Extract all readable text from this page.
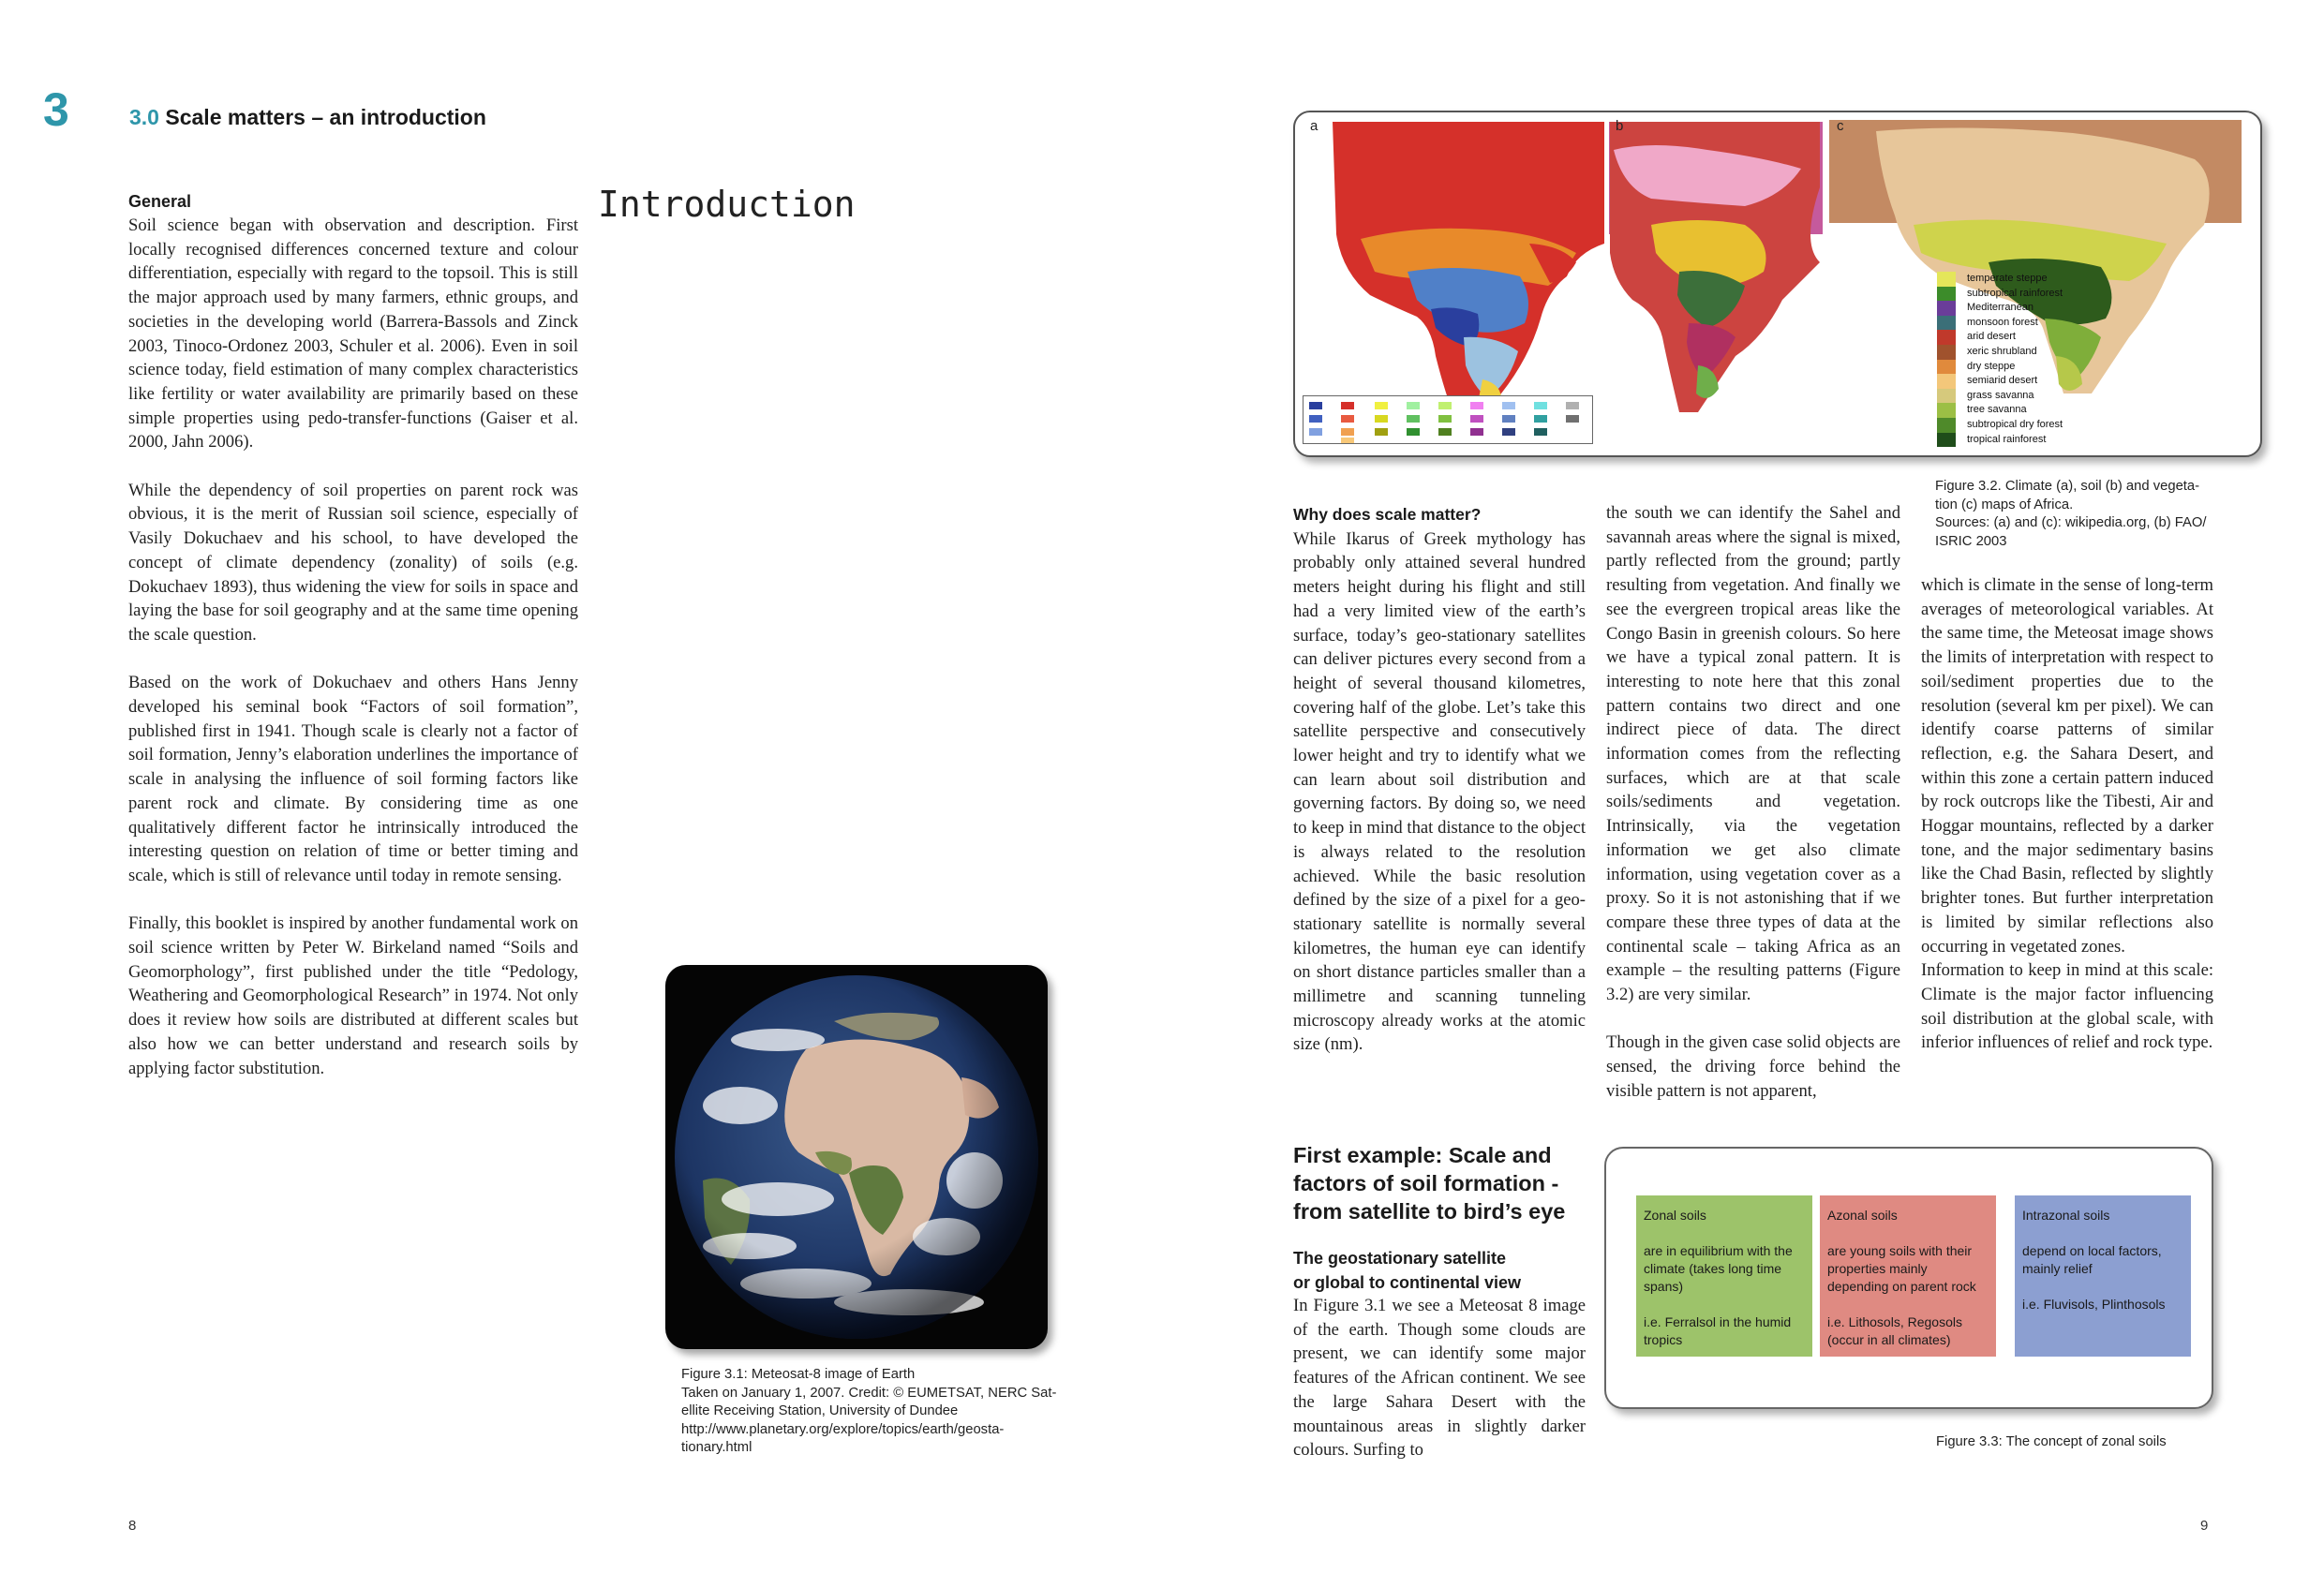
3	3.0 Scale matters – an introduction
Introduction
General

Soil science began with observation and description. First locally recognised differences concerned texture and colour differentiation, especially with regard to the topsoil. This is still the major approach used by many farmers, ethnic groups, and societies in the developing world (Barrera-Bassols and Zinck 2003, Tinoco-Ordonez 2003, Schuler et al. 2006). Even in soil science today, field estimation of many complex characteristics like fertility or water availability are primarily based on these simple properties using pedo-transfer-functions (Gaiser et al. 2000, Jahn 2006).

While the dependency of soil properties on parent rock was obvious, it is the merit of Russian soil science, especially of Vasily Dokuchaev and his school, to have developed the concept of climate dependency (zonality) of soils (e.g. Dokuchaev 1893), thus widening the view for soils in space and laying the base for soil geography and at the same time opening the scale question.

Based on the work of Dokuchaev and others Hans Jenny developed his seminal book “Factors of soil formation”, published first in 1941. Though scale is clearly not a factor of soil formation, Jenny’s elaboration underlines the importance of scale in analysing the influence of soil forming factors like parent rock and climate. By considering time as one qualitatively different factor he intrinsically introduced the interesting question on relation of time or better timing and scale, which is still of relevance until today in remote sensing.

Finally, this booklet is inspired by another fundamental work on soil science written by Peter W. Birkeland named “Soils and Geomorphology”, first published under the title “Pedology, Weathering and Geomorphological Research” in 1974. Not only does it review how soils are distributed at different scales but also how we can better understand and research soils by applying factor substitution.

Figure 3.1: Meteosat-8 image of Earth
Taken on January 1, 2007. Credit: © EUMETSAT, NERC Sat-
ellite Receiving Station, University of Dundee
http://www.planetary.org/explore/topics/earth/geosta-
tionary.html
a	b	c
temperate steppe
subtropical rainforest
Mediterranean
monsoon forest
arid desert
xeric shrubland
dry steppe
semiarid desert
grass savanna
tree savanna
subtropical dry forest
tropical rainforest
Figure 3.2. Climate (a), soil (b) and vegeta-
tion (c) maps of Africa.
Sources: (a) and (c): wikipedia.org, (b) FAO/
ISRIC 2003
Why does scale matter?
While Ikarus of Greek mythology has probably only attained several hundred meters height during his flight and still had a very limited view of the earth’s surface, today’s geo-stationary satellites can deliver pictures every second from a height of several thousand kilometres, covering half of the globe. Let’s take this satellite perspective and consecutively lower height and try to identify what we can learn about soil distribution and governing factors. By doing so, we need to keep in mind that distance to the object is always related to the resolution achieved. While the basic resolution defined by the size of a pixel for a geo-stationary satellite is normally several kilometres, the human eye can identify on short distance particles smaller than a millimetre and scanning tunneling microscopy already works at the atomic size (nm).
the south we can identify the Sahel and savannah areas where the signal is mixed, partly reflected from the ground; partly resulting from vegetation. And finally we see the evergreen tropical areas like the Congo Basin in greenish colours. So here we have a typical zonal pattern. It is interesting to note here that this zonal pattern contains two direct and one indirect piece of data. The direct information comes from the reflecting surfaces, which are at that scale soils/sediments and vegetation. Intrinsically, via the vegetation information we get also climate information, using vegetation cover as a proxy. So it is not astonishing that if we compare these three types of data at the continental scale – taking Africa as an example – the resulting patterns (Figure 3.2) are very similar.
Though in the given case solid objects are sensed, the driving force behind the visible pattern is not apparent,
which is climate in the sense of long-term averages of meteorological variables. At the same time, the Meteosat image shows the limits of interpretation with respect to soil/sediment properties due to the resolution (several km per pixel). We can identify coarse patterns of similar reflection, e.g. the Sahara Desert, and within this zone a certain pattern induced by rock outcrops like the Tibesti, Air and Hoggar mountains, reflected by a darker tone, and the major sedimentary basins like the Chad Basin, reflected by slightly brighter tones. But further interpretation is limited by similar reflections also occurring in vegetated zones.
Information to keep in mind at this scale: Climate is the major factor influencing soil distribution at the global scale, with inferior influences of relief and rock type.
First example: Scale and factors of soil formation - from satellite to bird’s eye
The geostationary satellite
or global to continental view
In Figure 3.1 we see a Meteosat 8 image of the earth. Though some clouds are present, we can identify some major features of the African continent. We see the large Sahara Desert with the mountainous areas in slightly darker colours. Surfing to
Zonal soils
are in equilibrium with the climate (takes long time spans)
i.e. Ferralsol in the humid tropics
Azonal soils
are young soils with their properties mainly depending on parent rock
i.e. Lithosols, Regosols (occur in all climates)
Intrazonal soils
depend on local factors, mainly relief
i.e. Fluvisols, Plinthosols
Figure 3.3: The concept of zonal soils
8	9
